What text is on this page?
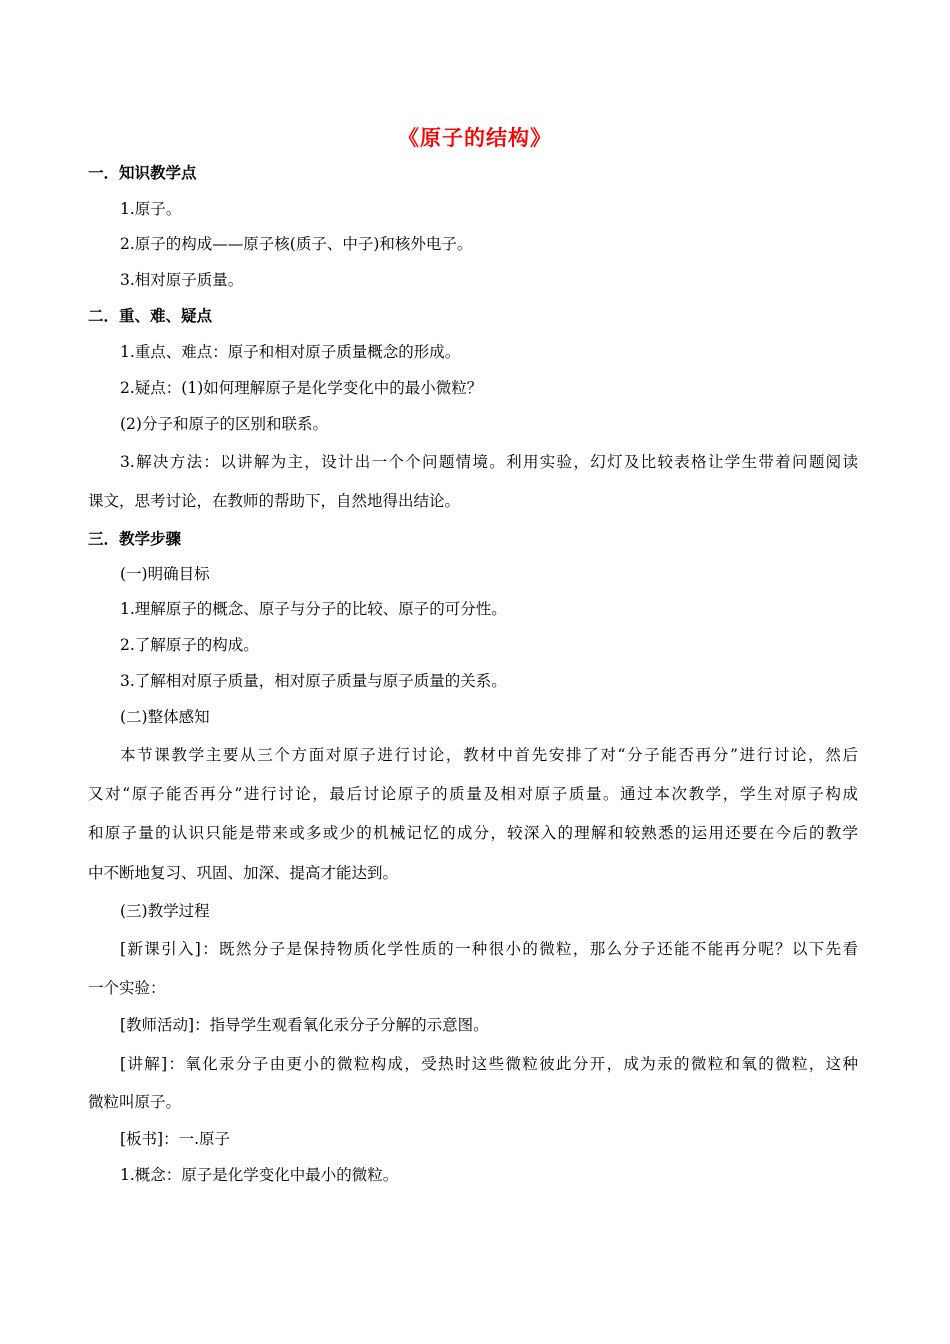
《原子的结构》
一．知识教学点
1.原子。
2.原子的构成——原子核(质子、中子)和核外电子。
3.相对原子质量。
二．重、难、疑点
1.重点、难点：原子和相对原子质量概念的形成。
2.疑点：(1)如何理解原子是化学变化中的最小微粒？
(2)分子和原子的区别和联系。
3.解决方法：以讲解为主，设计出一个个问题情境。利用实验，幻灯及比较表格让学生带着问题阅读
课文，思考讨论，在教师的帮助下，自然地得出结论。
三．教学步骤
(一)明确目标
1.理解原子的概念、原子与分子的比较、原子的可分性。
2.了解原子的构成。
3.了解相对原子质量，相对原子质量与原子质量的关系。
(二)整体感知
本节课教学主要从三个方面对原子进行讨论，教材中首先安排了对“分子能否再分”进行讨论，然后
又对“原子能否再分”进行讨论，最后讨论原子的质量及相对原子质量。通过本次教学，学生对原子构成
和原子量的认识只能是带来或多或少的机械记忆的成分，较深入的理解和较熟悉的运用还要在今后的教学
中不断地复习、巩固、加深、提高才能达到。
(三)教学过程
[新课引入]：既然分子是保持物质化学性质的一种很小的微粒，那么分子还能不能再分呢？以下先看
一个实验：
[教师活动]：指导学生观看氧化汞分子分解的示意图。
[讲解]：氧化汞分子由更小的微粒构成，受热时这些微粒彼此分开，成为汞的微粒和氧的微粒，这种
微粒叫原子。
[板书]：一.原子
1.概念：原子是化学变化中最小的微粒。
